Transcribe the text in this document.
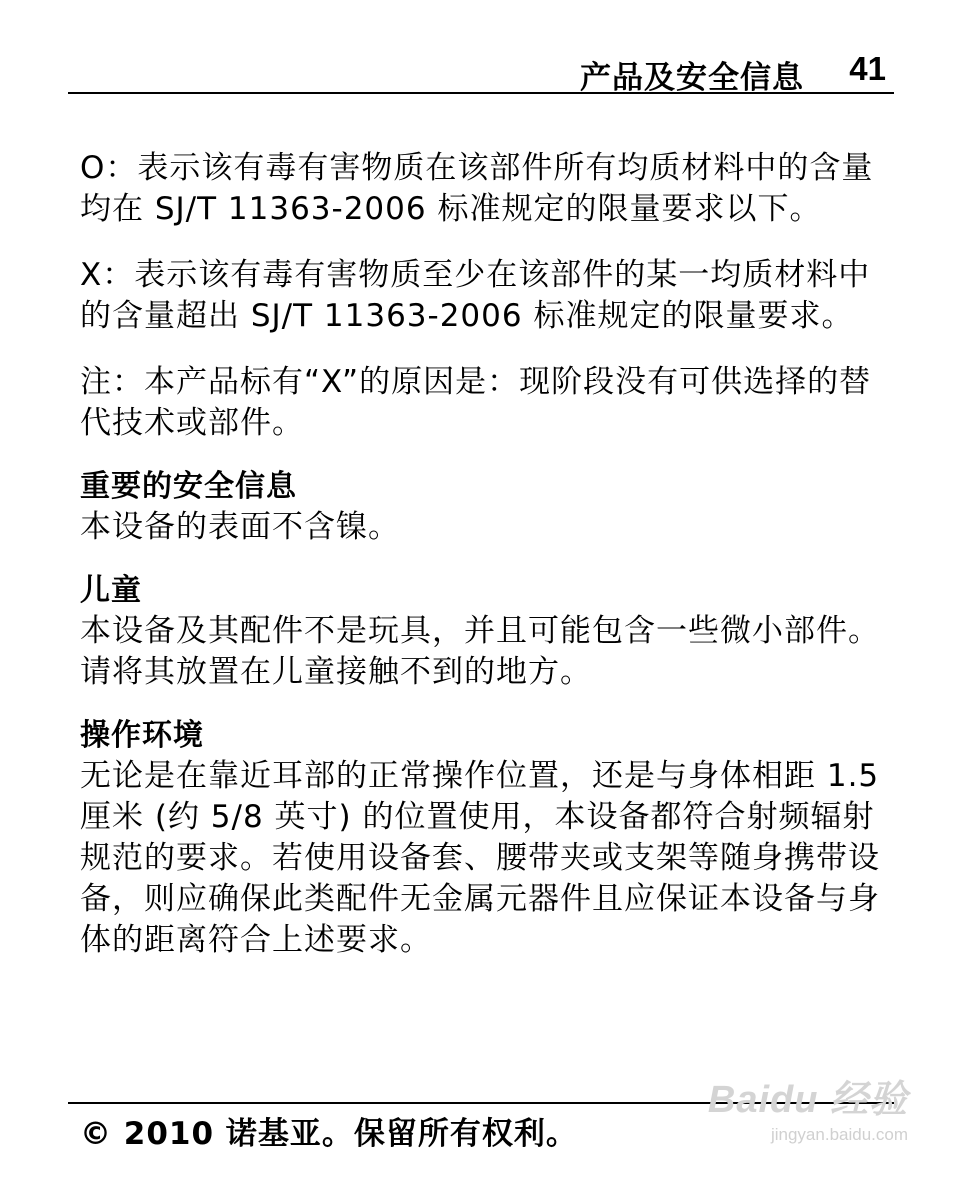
产品及安全信息 41

O：表示该有毒有害物质在该部件所有均质材料中的含量均在 SJ/T 11363-2006 标准规定的限量要求以下。

X：表示该有毒有害物质至少在该部件的某一均质材料中的含量超出 SJ/T 11363-2006 标准规定的限量要求。

注：本产品标有“X”的原因是：现阶段没有可供选择的替代技术或部件。

重要的安全信息

本设备的表面不含镍。

儿童

本设备及其配件不是玩具，并且可能包含一些微小部件。请将其放置在儿童接触不到的地方。

操作环境

无论是在靠近耳部的正常操作位置，还是与身体相距 1.5 厘米 (约 5/8 英寸) 的位置使用，本设备都符合射频辐射规范的要求。若使用设备套、腰带夹或支架等随身携带设备，则应确保此类配件无金属元器件且应保证本设备与身体的距离符合上述要求。

© 2010 诺基亚。保留所有权利。
Baidu 经验
jingyan.baidu.com
